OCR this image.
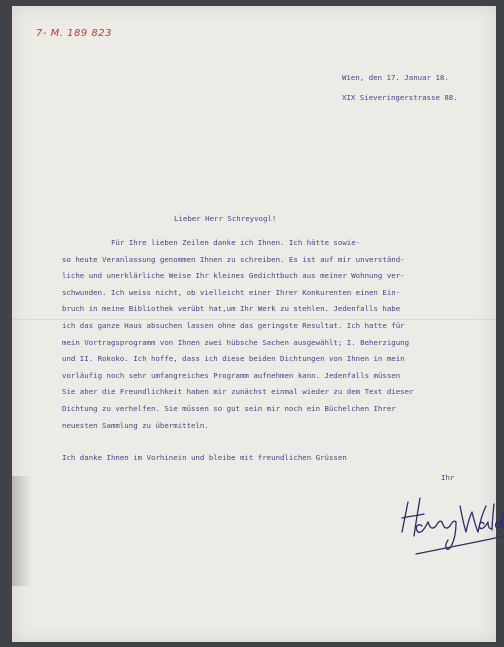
7- M. 189 823
Wien, den 17. Januar 18.
XIX Sieveringerstrasse 88.
Lieber Herr Schreyvogl!
Für Ihre lieben Zeilen danke ich Ihnen. Ich hätte sowie-
so heute Veranlassung genommen Ihnen zu schreiben. Es ist auf mir unverständ-
liche und unerklärliche Weise Ihr kleines Gedichtbuch aus meiner Wohnung ver-
schwunden. Ich weiss nicht, ob vielleicht einer Ihrer Konkurenten einen Ein-
bruch in meine Bibliothek verübt hat,um Ihr Werk zu stehlen. Jedenfalls habe
ich das ganze Haus absuchen lassen ohne das geringste Resultat. Ich hatte für
mein Vortragsprogramm von Ihnen zwei hübsche Sachen ausgewählt; I. Beherzigung
und II. Rokoko. Ich hoffe, dass ich diese beiden Dichtungen von Ihnen in mein
vorläufig noch sehr umfangreiches Programm aufnehmen kann. Jedenfalls müssen
Sie aber die Freundlichkeit haben mir zunächst einmal wieder zu dem Text dieser
Dichtung zu verhelfen. Sie müssen so gut sein mir noch ein Büchelchen Ihrer
neuesten Sammlung zu übermitteln.
Ich danke Ihnen im Vorhinein und bleibe mit freundlichen Grüssen
Ihr
